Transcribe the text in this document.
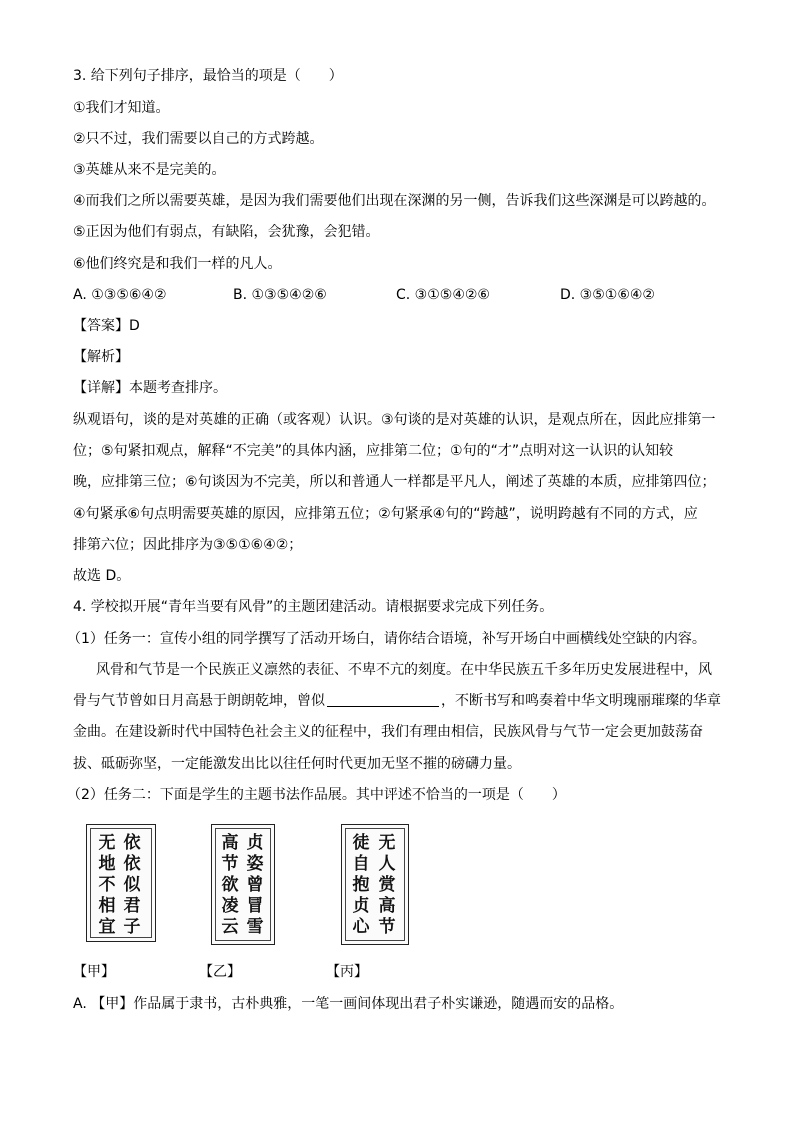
3. 给下列句子排序，最恰当的项是（　　）
①我们才知道。
②只不过，我们需要以自己的方式跨越。
③英雄从来不是完美的。
④而我们之所以需要英雄，是因为我们需要他们出现在深渊的另一侧，告诉我们这些深渊是可以跨越的。
⑤正因为他们有弱点，有缺陷，会犹豫，会犯错。
⑥他们终究是和我们一样的凡人。
A. ①③⑤⑥④②	B. ①③⑤④②⑥	C. ③①⑤④②⑥	D. ③⑤①⑥④②
【答案】D
【解析】
【详解】本题考查排序。
纵观语句，谈的是对英雄的正确（或客观）认识。③句谈的是对英雄的认识，是观点所在，因此应排第一
位；⑤句紧扣观点，解释“不完美”的具体内涵，应排第二位；①句的“才”点明对这一认识的认知较
晚，应排第三位；⑥句谈因为不完美，所以和普通人一样都是平凡人，阐述了英雄的本质，应排第四位；
④句紧承⑥句点明需要英雄的原因，应排第五位；②句紧承④句的“跨越”，说明跨越有不同的方式，应
排第六位；因此排序为③⑤①⑥④②；
故选 D。
4. 学校拟开展“青年当要有风骨”的主题团建活动。请根据要求完成下列任务。
（1）任务一：宣传小组的同学撰写了活动开场白，请你结合语境，补写开场白中画横线处空缺的内容。
风骨和气节是一个民族正义凛然的表征、不卑不亢的刻度。在中华民族五千多年历史发展进程中，风
骨与气节曾如日月高悬于朗朗乾坤，曾似	，不断书写和鸣奏着中华文明瑰丽璀璨的华章
金曲。在建设新时代中国特色社会主义的征程中，我们有理由相信，民族风骨与气节一定会更加鼓荡奋
拔、砥砺弥坚，一定能激发出比以往任何时代更加无坚不摧的磅礴力量。
（2）任务二：下面是学生的主题书法作品展。其中评述不恰当的一项是（　　）
依依似君子
无地不相宜
贞姿曾冒雪
高节欲凌云
无人赏高节
徒自抱贞心
【甲】	【乙】	【丙】
A. 【甲】作品属于隶书，古朴典雅，一笔一画间体现出君子朴实谦逊，随遇而安的品格。
